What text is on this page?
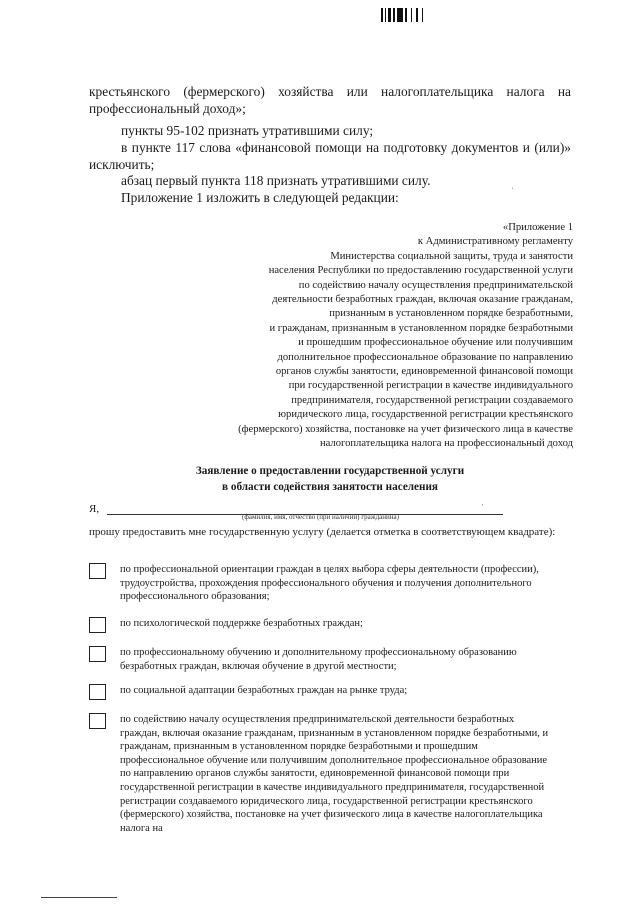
крестьянского (фермерского) хозяйства или налогоплательщика налога на профессиональный доход»;

пункты 95-102 признать утратившими силу;

в пункте 117 слова «финансовой помощи на подготовку документов и (или)» исключить;

абзац первый пункта 118 признать утратившими силу.

ˈ

Приложение 1 изложить в следующей редакции:

«Приложение 1
к Административному регламенту
Министерства социальной защиты, труда и занятости
населения Республики по предоставлению государственной услуги
по содействию началу осуществления предпринимательской
деятельности безработных граждан, включая оказание гражданам,
признанным в установленном порядке безработными,
и гражданам, признанным в установленном порядке безработными
и прошедшим профессиональное обучение или получившим
дополнительное профессиональное образование по направлению
органов службы занятости, единовременной финансовой помощи
при государственной регистрации в качестве индивидуального
предпринимателя, государственной регистрации создаваемого
юридического лица, государственной регистрации крестьянского
(фермерского) хозяйства, постановке на учет физического лица в качестве
налогоплательщика налога на профессиональный доход
Заявление о предоставлении государственной услуги
в области содействия занятости населения
Я,	ˈ
(фамилия, имя, отчество (при наличии) гражданина)
прошу предоставить мне государственную услугу (делается отметка в соответствующем квадрате):

по профессиональной ориентации граждан в целях выбора сферы деятельности (профессии), трудоустройства, прохождения профессионального обучения и получения дополнительного профессионального образования;

по психологической поддержке безработных граждан;

по профессиональному обучению и дополнительному профессиональному образованию безработных граждан, включая обучение в другой местности;

по социальной адаптации безработных граждан на рынке труда;

по содействию началу осуществления предпринимательской деятельности безработных граждан, включая оказание гражданам, признанным в установленном порядке безработными, и гражданам, признанным в установленном порядке безработными и прошедшим профессиональное обучение или получившим дополнительное профессиональное образование по направлению органов службы занятости, единовременной финансовой помощи при государственной регистрации в качестве индивидуального предпринимателя, государственной регистрации создаваемого юридического лица, государственной регистрации крестьянского (фермерского) хозяйства, постановке на учет физического лица в качестве налогоплательщика налога на
